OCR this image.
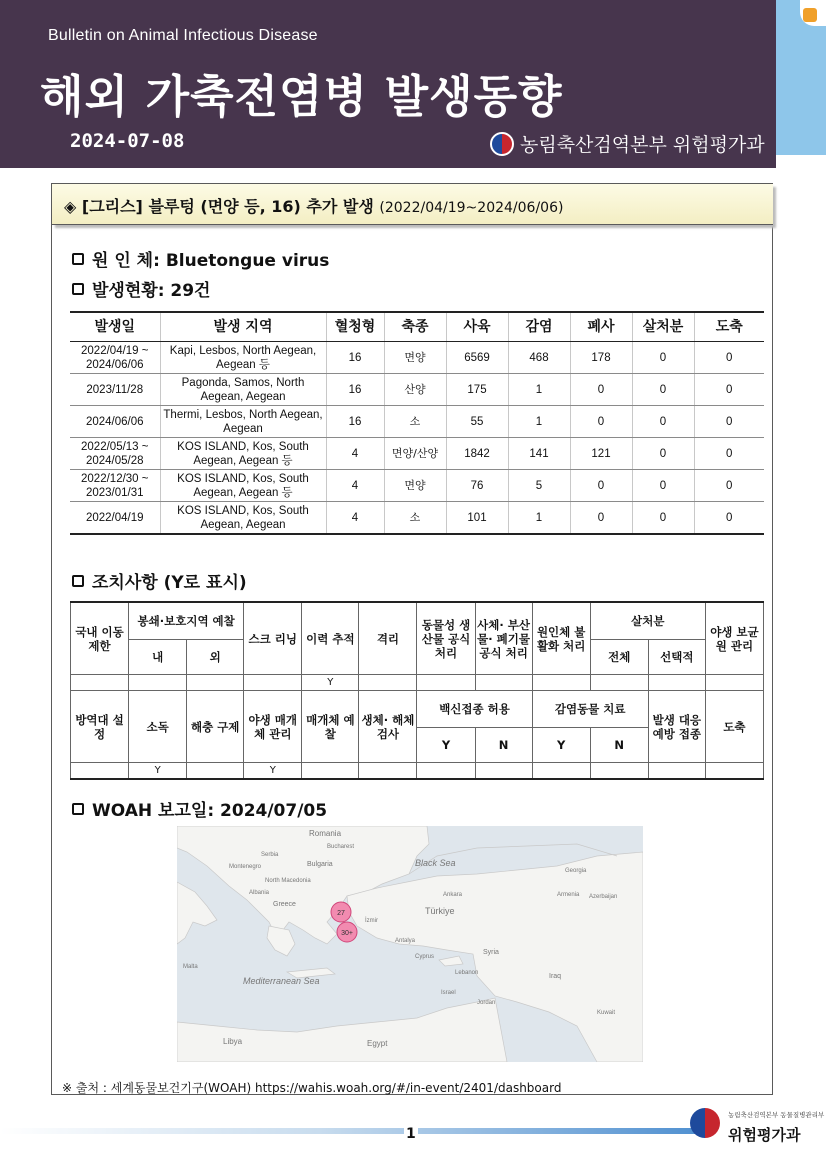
Bulletin on Animal Infectious Disease
해외 가축전염병 발생동향
2024-07-08	농림축산검역본부 위험평가과
◈ [그리스] 블루텅 (면양 등, 16) 추가 발생 (2022/04/19~2024/06/06)
원 인 체: Bluetongue virus
발생현황: 29건
발생일	발생 지역	혈청형	축종	사육	감염	폐사	살처분	도축
2022/04/19 ~ 2024/06/06	Kapi, Lesbos, North Aegean, Aegean 등	16	면양	6569	468	178	0	0
2023/11/28	Pagonda, Samos, North Aegean, Aegean	16	산양	175	1	0	0	0
2024/06/06	Thermi, Lesbos, North Aegean, Aegean	16	소	55	1	0	0	0
2022/05/13 ~ 2024/05/28	KOS ISLAND, Kos, South Aegean, Aegean 등	4	면양/산양	1842	141	121	0	0
2022/12/30 ~ 2023/01/31	KOS ISLAND, Kos, South Aegean, Aegean 등	4	면양	76	5	0	0	0
2022/04/19	KOS ISLAND, Kos, South Aegean, Aegean	4	소	101	1	0	0	0
조치사항 (Y로 표시)
국내 이동 제한	봉쇄·보호지역 예찰		스크 리닝	이력 추적	격리	동물성 생산물 공식 처리	사체· 부산물· 폐기물 공식 처리	원인체 불활화 처리	살처분		야생 보균원 관리
	내	외							전체	선택적	
				Y							
방역대 설정	소독	해충 구제	야생 매개체 관리	매개체 예찰	생체· 해체 검사	백신접종 허용		감염동물 치료		발생 대응 예방 접종	도축
						Y	N	Y	N		
	Y		Y								
WOAH 보고일: 2024/07/05
27
30+
Romania
Bucharest
Black Sea
Bulgaria
Serbia
Montenegro
North Macedonia
Albania
Greece
Türkiye
Ankara
İzmir
Antalya
Cyprus
Syria
Lebanon
Israel
Jordan
Iraq
Mediterranean Sea
Libya	Egypt
Georgia
Armenia Azerbaijan
Kuwait
Malta
※ 출처 : 세계동물보건기구(WOAH) https://wahis.woah.org/#/in-event/2401/dashboard
1
농림축산검역본부 동물질병관리부
위험평가과
